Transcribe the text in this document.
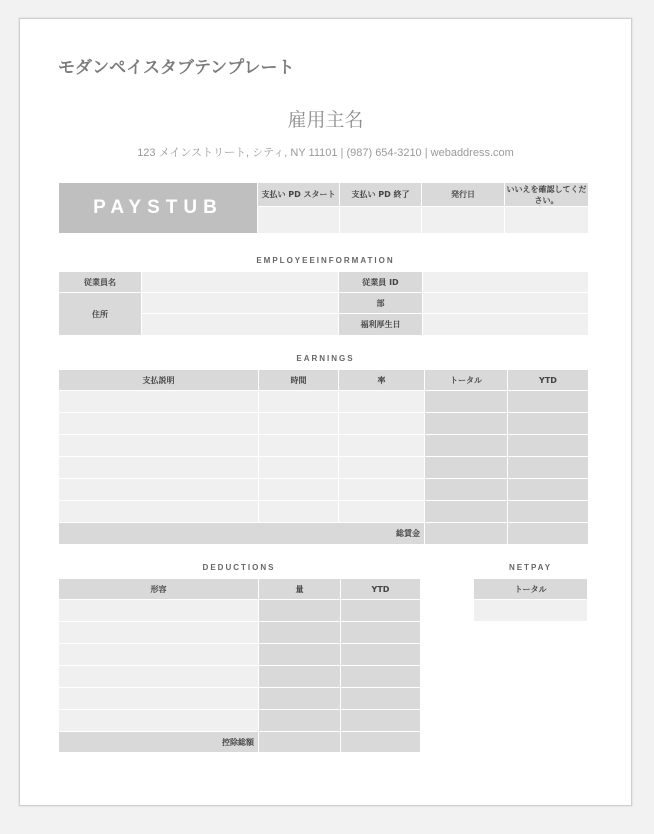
モダンペイスタブテンプレート
雇用主名
123 メインストリート, シティ, NY 11101 | (987) 654-3210 | webaddress.com
PAYSTUB	支払い PD スタート	支払い PD 終了	発行日	いいえを確認してください。

EMPLOYEEINFORMATION
従業員名		従業員 ID	
住所		部	
		福利厚生日	
EARNINGS
支払説明	時間	率	トータル	YTD

総賃金				
DEDUCTIONS
形容	量	YTD

控除総額		
NETPAY
トータル
